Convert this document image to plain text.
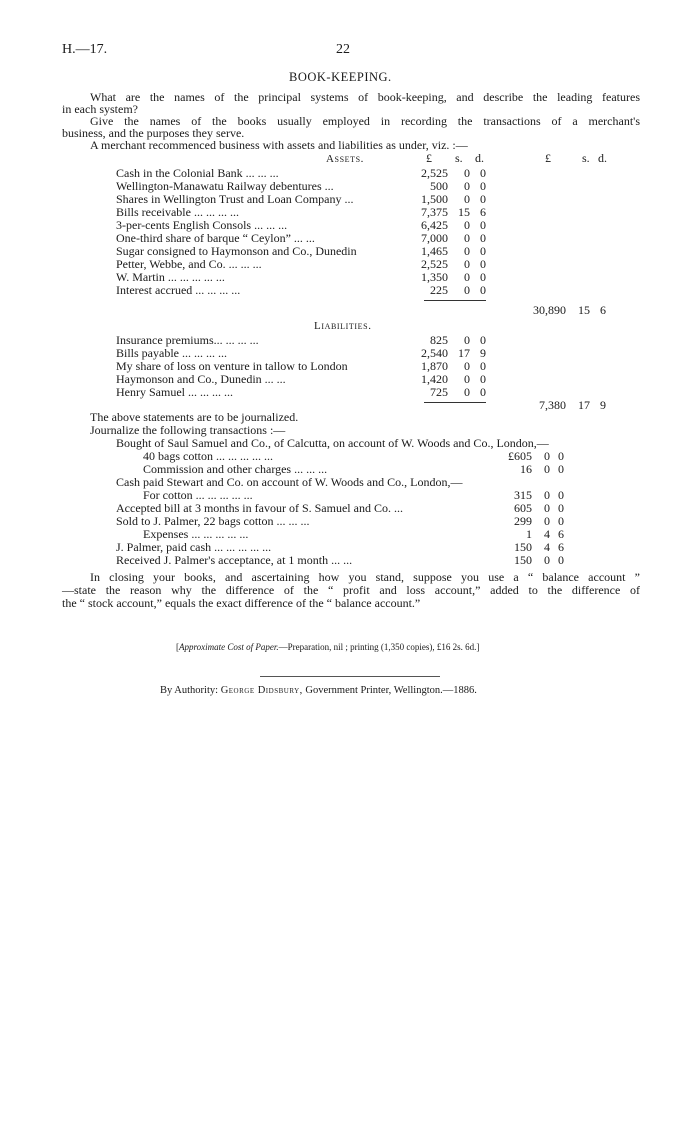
H.—17.	22
BOOK-KEEPING.
What are the names of the principal systems of book-keeping, and describe the leading features
in each system?
Give the names of the books usually employed in recording the transactions of a merchant's
business, and the purposes they serve.
A merchant recommenced business with assets and liabilities as under, viz. :—
Assets.	£ s. d.	£	s. d.
Cash in the Colonial Bank ... ... ...	2,525	0 0
Wellington-Manawatu Railway debentures ...	500	0 0
Shares in Wellington Trust and Loan Company ...	1,500	0 0
Bills receivable ... ... ... ...	7,375 15 6
3-per-cents English Consols ... ... ...	6,425	0 0
One-third share of barque “ Ceylon” ... ...	7,000	0 0
Sugar consigned to Haymonson and Co., Dunedin	1,465	0 0
Petter, Webbe, and Co. ... ... ...	2,525	0 0
W. Martin ... ... ... ... ...	1,350	0 0
Interest accrued ... ... ... ...	225	0 0
30,890	15 6
Liabilities.
Insurance premiums... ... ... ...	825	0 0
Bills payable ... ... ... ...	2,540 17 9
My share of loss on venture in tallow to London	1,870	0 0
Haymonson and Co., Dunedin ... ...	1,420	0 0
Henry Samuel ... ... ... ...	725	0 0
7,380	17 9
The above statements are to be journalized.
Journalize the following transactions :—
Bought of Saul Samuel and Co., of Calcutta, on account of W. Woods and Co., London,—
40 bags cotton ... ... ... ... ...	£605	0 0
Commission and other charges ... ... ...	16	0 0
Cash paid Stewart and Co. on account of W. Woods and Co., London,—
For cotton ... ... ... ... ...	315	0 0
Accepted bill at 3 months in favour of S. Samuel and Co. ...	605	0 0
Sold to J. Palmer, 22 bags cotton ... ... ...	299	0 0
Expenses ... ... ... ... ...	1	4 6
J. Palmer, paid cash ... ... ... ... ...	150	4 6
Received J. Palmer's acceptance, at 1 month ... ...	150	0 0
In closing your books, and ascertaining how you stand, suppose you use a “ balance account ”
—state the reason why the difference of the “ profit and loss account,” added to the difference of
the “ stock account,” equals the exact difference of the “ balance account.”
[Approximate Cost of Paper.—Preparation, nil ; printing (1,350 copies), £16 2s. 6d.]
By Authority: George Didsbury, Government Printer, Wellington.—1886.
